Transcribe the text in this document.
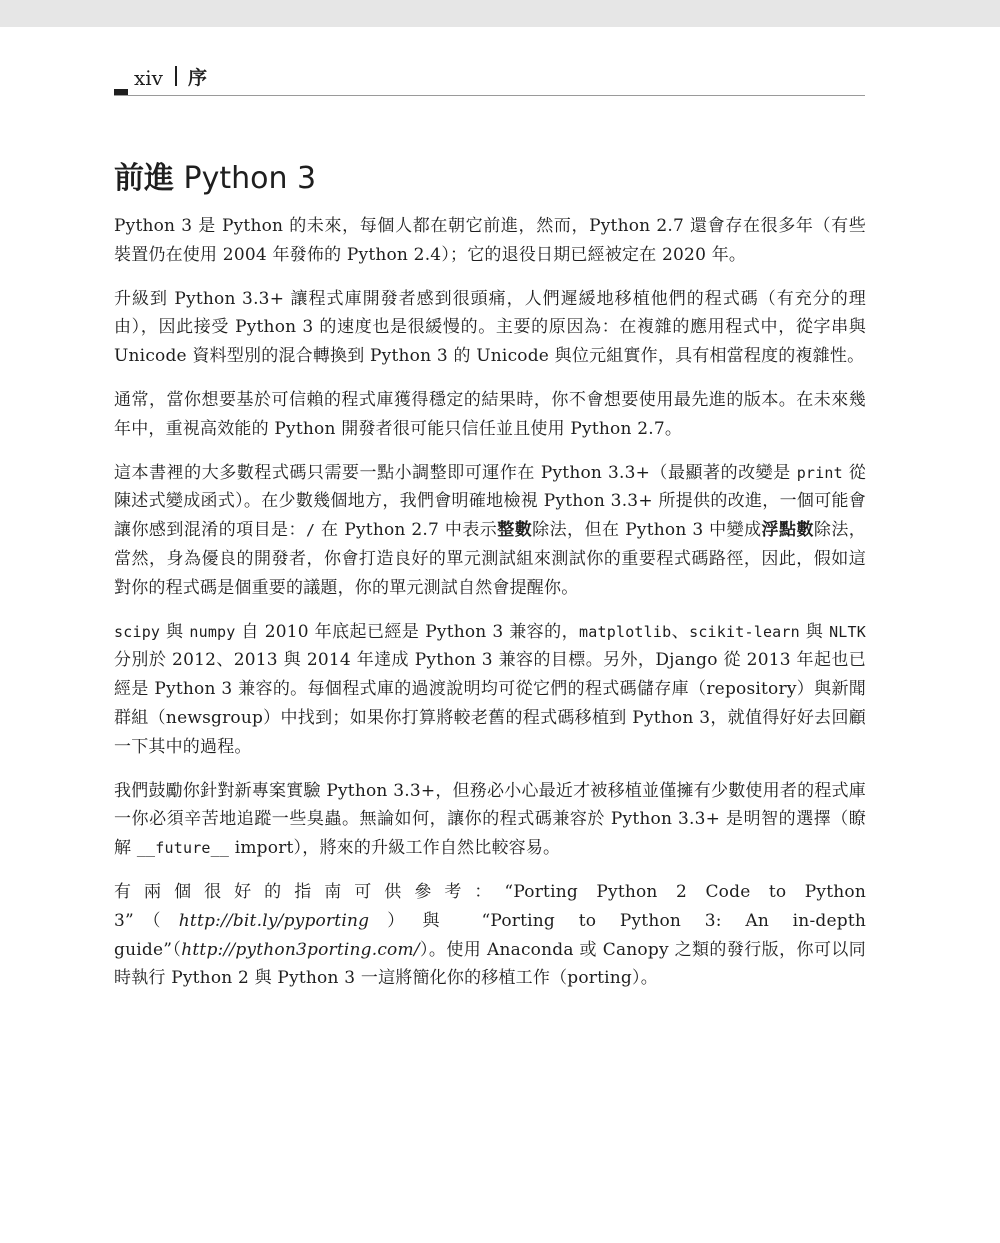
xiv 序
前進 Python 3

Python 3 是 Python 的未來，每個人都在朝它前進，然而，Python 2.7 還會存在很多年（有些裝置仍在使用 2004 年發佈的 Python 2.4）；它的退役日期已經被定在 2020 年。

升級到 Python 3.3+ 讓程式庫開發者感到很頭痛，人們遲緩地移植他們的程式碼（有充分的理由），因此接受 Python 3 的速度也是很緩慢的。主要的原因為：在複雜的應用程式中，從字串與 Unicode 資料型別的混合轉換到 Python 3 的 Unicode 與位元組實作，具有相當程度的複雜性。

通常，當你想要基於可信賴的程式庫獲得穩定的結果時，你不會想要使用最先進的版本。在未來幾年中，重視高效能的 Python 開發者很可能只信任並且使用 Python 2.7。

這本書裡的大多數程式碼只需要一點小調整即可運作在 Python 3.3+（最顯著的改變是 print 從陳述式變成函式）。在少數幾個地方，我們會明確地檢視 Python 3.3+ 所提供的改進，一個可能會讓你感到混淆的項目是：/ 在 Python 2.7 中表示整數除法，但在 Python 3 中變成浮點數除法，當然，身為優良的開發者，你會打造良好的單元測試組來測試你的重要程式碼路徑，因此，假如這對你的程式碼是個重要的議題，你的單元測試自然會提醒你。

scipy 與 numpy 自 2010 年底起已經是 Python 3 兼容的，matplotlib、scikit-learn 與 NLTK 分別於 2012、2013 與 2014 年達成 Python 3 兼容的目標。另外，Django 從 2013 年起也已經是 Python 3 兼容的。每個程式庫的過渡說明均可從它們的程式碼儲存庫（repository）與新聞群組（newsgroup）中找到；如果你打算將較老舊的程式碼移植到 Python 3，就值得好好去回顧一下其中的過程。

我們鼓勵你針對新專案實驗 Python 3.3+，但務必小心最近才被移植並僅擁有少數使用者的程式庫一你必須辛苦地追蹤一些臭蟲。無論如何，讓你的程式碼兼容於 Python 3.3+ 是明智的選擇（瞭解 __future__ import），將來的升級工作自然比較容易。

有兩個很好的指南可供參考：“Porting Python 2 Code to Python 3”（http://bit.ly/pyporting）與 “Porting to Python 3: An in-depth guide”（http://python3porting.com/）。使用 Anaconda 或 Canopy 之類的發行版，你可以同時執行 Python 2 與 Python 3 一這將簡化你的移植工作（porting）。
